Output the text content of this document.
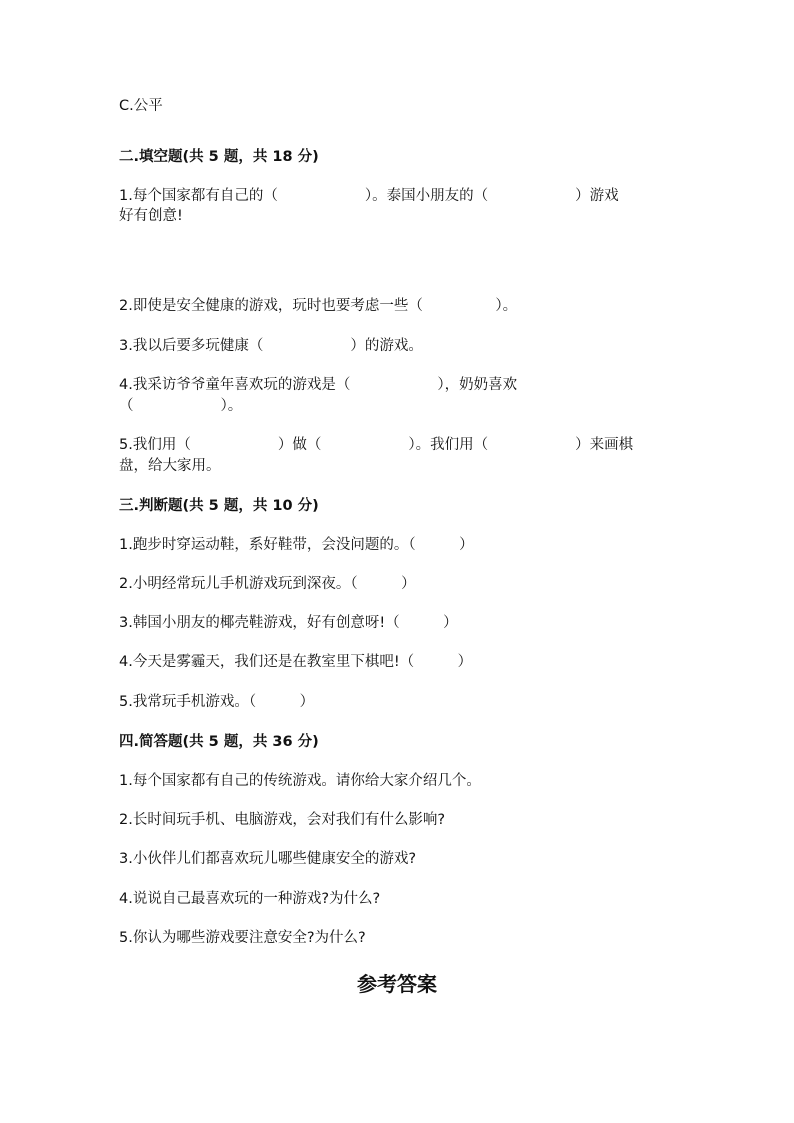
C.公平
二.填空题(共 5 题，共 18 分)
1.每个国家都有自己的（　　　　　　）。泰国小朋友的（　　　　　　）游戏
好有创意!
2.即使是安全健康的游戏，玩时也要考虑一些（　　　　　）。
3.我以后要多玩健康（　　　　　　）的游戏。
4.我采访爷爷童年喜欢玩的游戏是（　　　　　　），奶奶喜欢
（　　　　　　）。
5.我们用（　　　　　　）做（　　　　　　）。我们用（　　　　　　）来画棋
盘，给大家用。
三.判断题(共 5 题，共 10 分)
1.跑步时穿运动鞋，系好鞋带，会没问题的。（　　　）
2.小明经常玩儿手机游戏玩到深夜。（　　　）
3.韩国小朋友的椰壳鞋游戏，好有创意呀!（　　　）
4.今天是雾霾天，我们还是在教室里下棋吧!（　　　）
5.我常玩手机游戏。（　　　）
四.简答题(共 5 题，共 36 分)
1.每个国家都有自己的传统游戏。请你给大家介绍几个。
2.长时间玩手机、电脑游戏，会对我们有什么影响?
3.小伙伴儿们都喜欢玩儿哪些健康安全的游戏?
4.说说自己最喜欢玩的一种游戏?为什么?
5.你认为哪些游戏要注意安全?为什么?
参考答案
